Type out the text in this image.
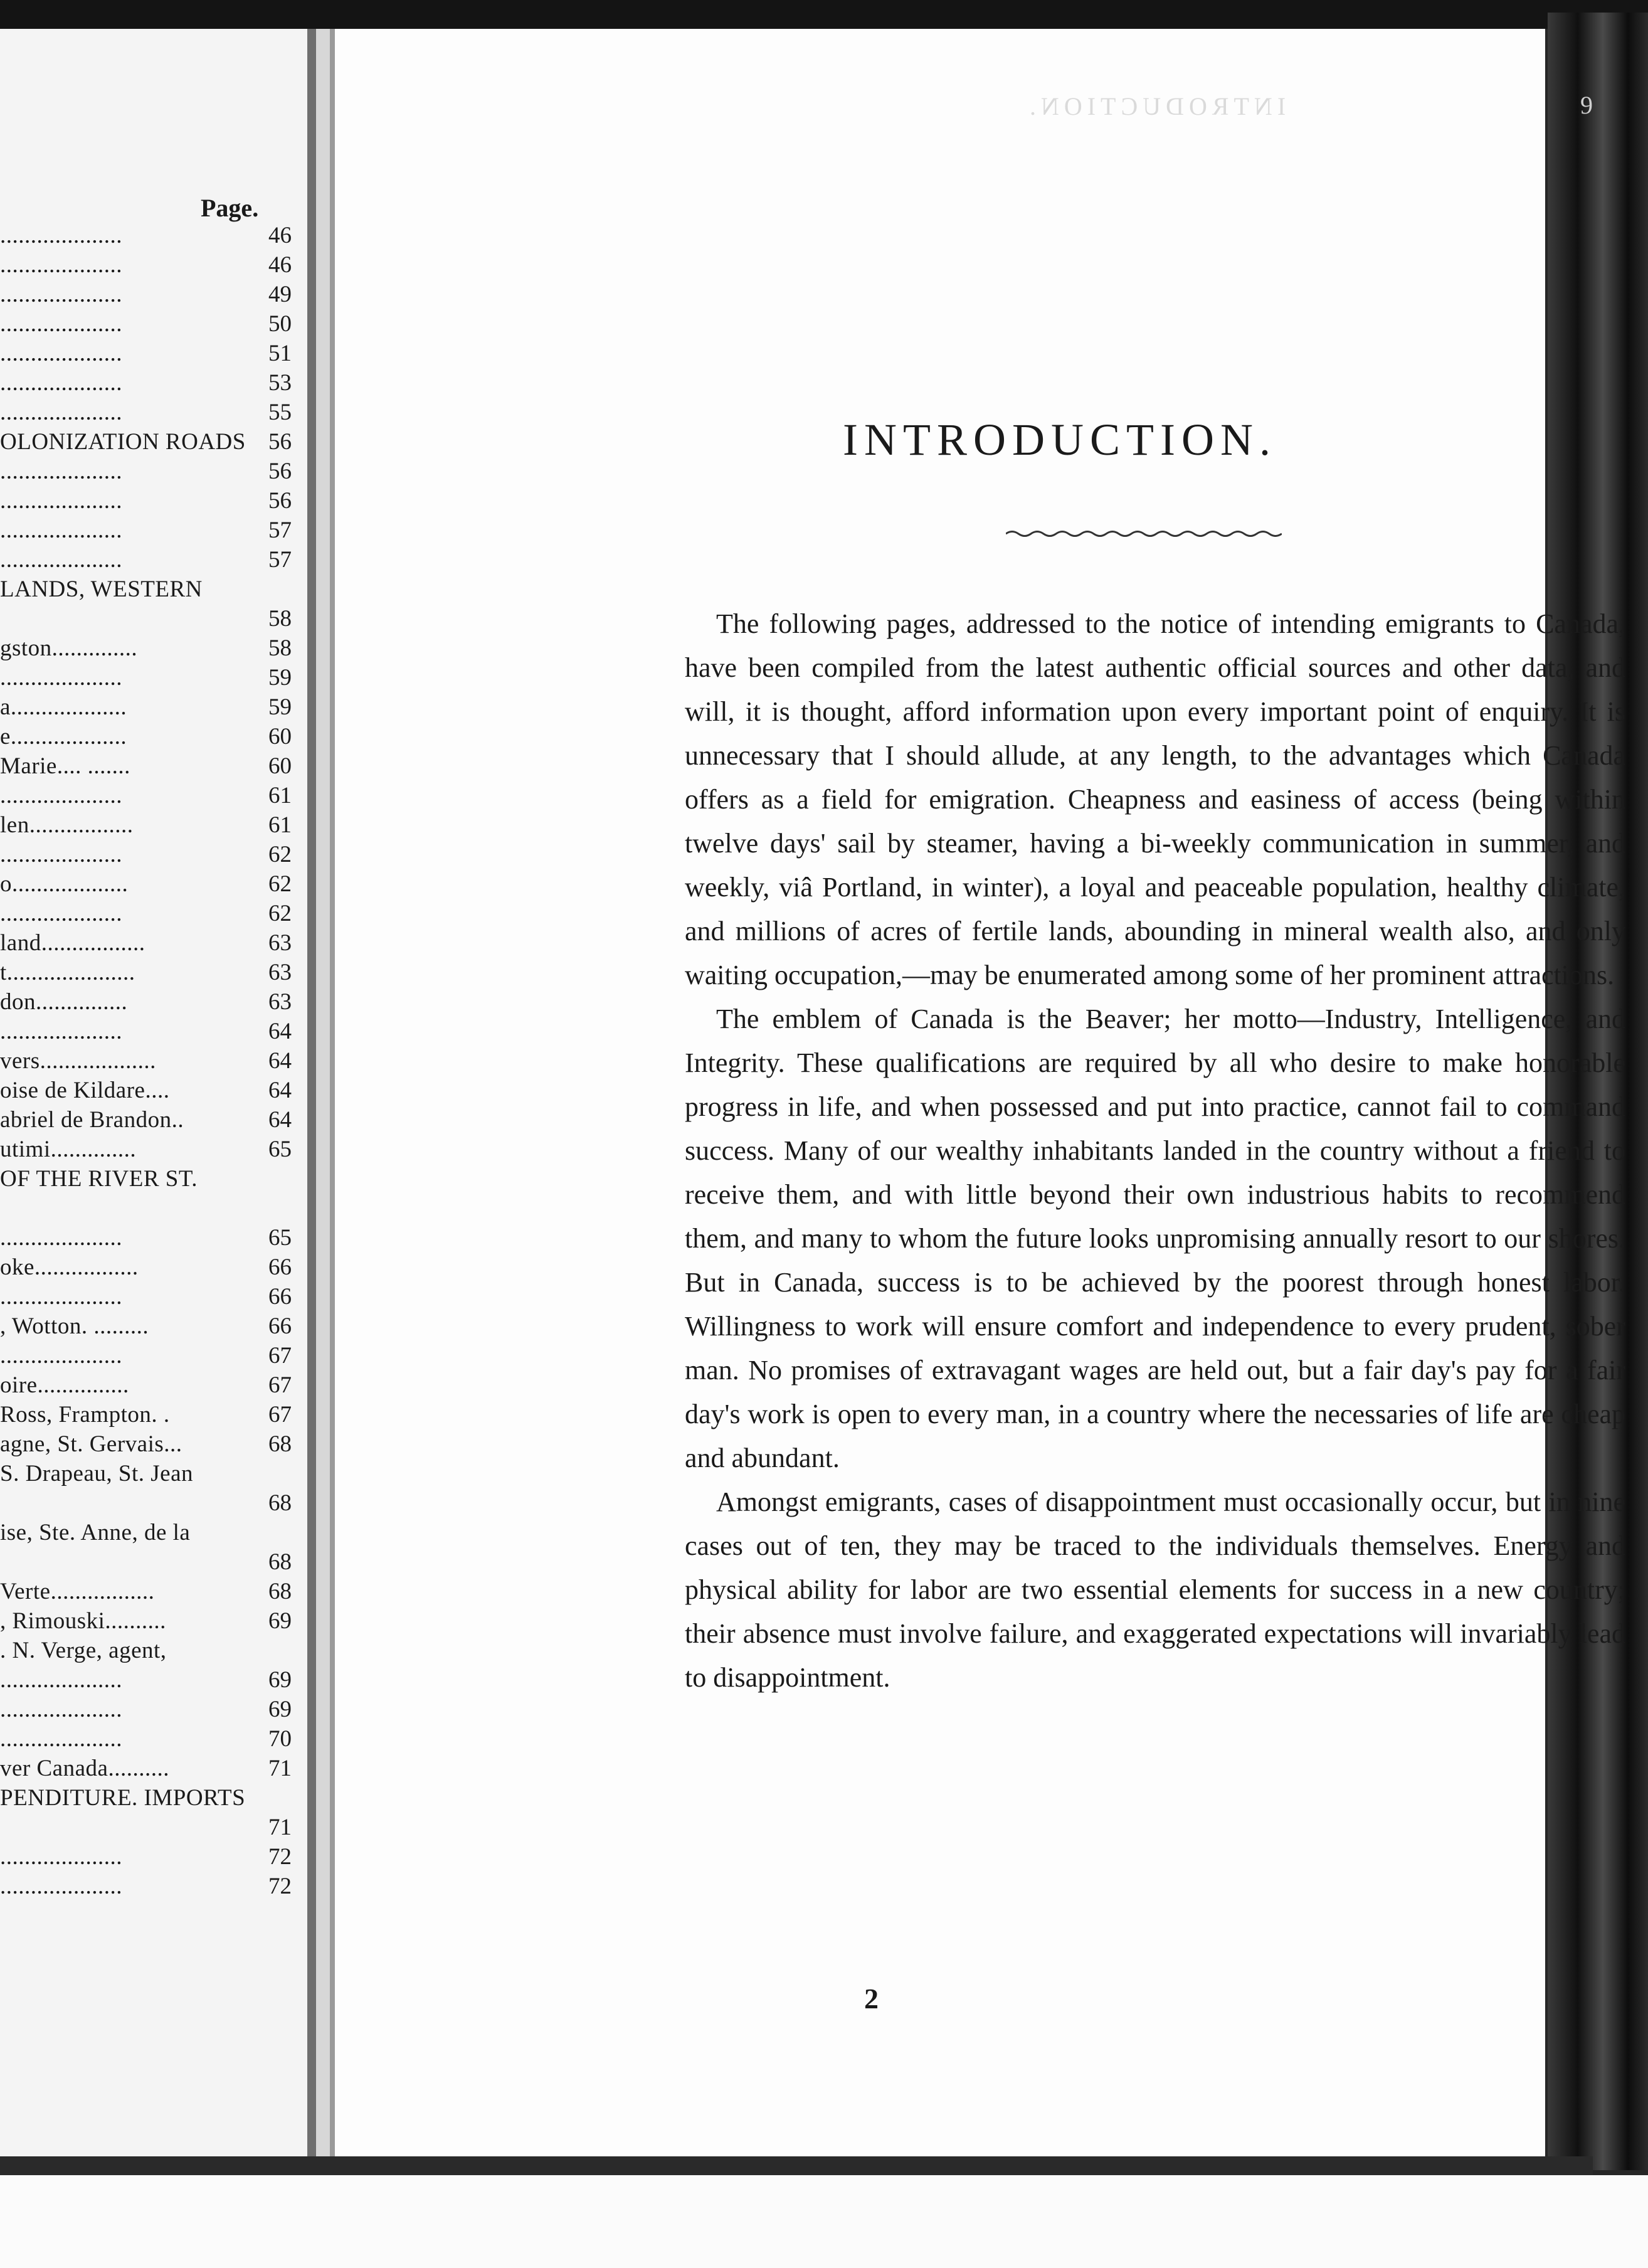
Page.
....................	46
....................	46
....................	49
....................	50
....................	51
....................	53
....................	55
OLONIZATION ROADS 56
....................	56
....................	56
....................	57
....................	57
LANDS, WESTERN
58
gston..............	58
....................	59
a...................	59
e...................	60
Marie.... .......	60
....................	61
len.................	61
....................	62
o...................	62
....................	62
land.................	63
t.....................	63
don...............	63
....................	64
vers...................	64
oise de Kildare....	64
abriel de Brandon..	64
utimi..............	65
OF THE RIVER ST.
....................	65
oke.................	66
....................	66
, Wotton. .........	66
....................	67
oire...............	67
Ross, Frampton. .	67
agne, St. Gervais...	68
S. Drapeau, St. Jean
68
ise, Ste. Anne, de la
68
Verte.................	68
, Rimouski..........	69
. N. Verge, agent,
....................	69
....................	69
....................	70
ver Canada..........	71
PENDITURE. IMPORTS
71
....................	72
....................	72
INTRODUCTION.	9
INTRODUCTION.

The following pages, addressed to the notice of intending emigrants to Canada, have been compiled from the latest authentic official sources and other data, and will, it is thought, afford information upon every important point of enquiry. It is unnecessary that I should allude, at any length, to the advantages which Canada offers as a field for emigration. Cheapness and easiness of access (being within twelve days' sail by steamer, having a bi-weekly communication in summer, and weekly, viâ Portland, in winter), a loyal and peaceable population, healthy climate, and millions of acres of fertile lands, abounding in mineral wealth also, and only waiting occupation,—may be enumerated among some of her prominent attractions.

The emblem of Canada is the Beaver; her motto—Industry, Intelligence, and Integrity. These qualifications are required by all who desire to make honorable progress in life, and when possessed and put into practice, cannot fail to command success. Many of our wealthy inhabitants landed in the country without a friend to receive them, and with little beyond their own industrious habits to recommend them, and many to whom the future looks unpromising annually resort to our shores. But in Canada, success is to be achieved by the poorest through honest labor. Willingness to work will ensure comfort and independence to every prudent, sober man. No promises of extravagant wages are held out, but a fair day's pay for a fair day's work is open to every man, in a country where the necessaries of life are cheap and abundant.

Amongst emigrants, cases of disappointment must occasionally occur, but in nine cases out of ten, they may be traced to the individuals themselves. Energy and physical ability for labor are two essential elements for success in a new country; their absence must involve failure, and exaggerated expectations will invariably lead to disappointment.

2
